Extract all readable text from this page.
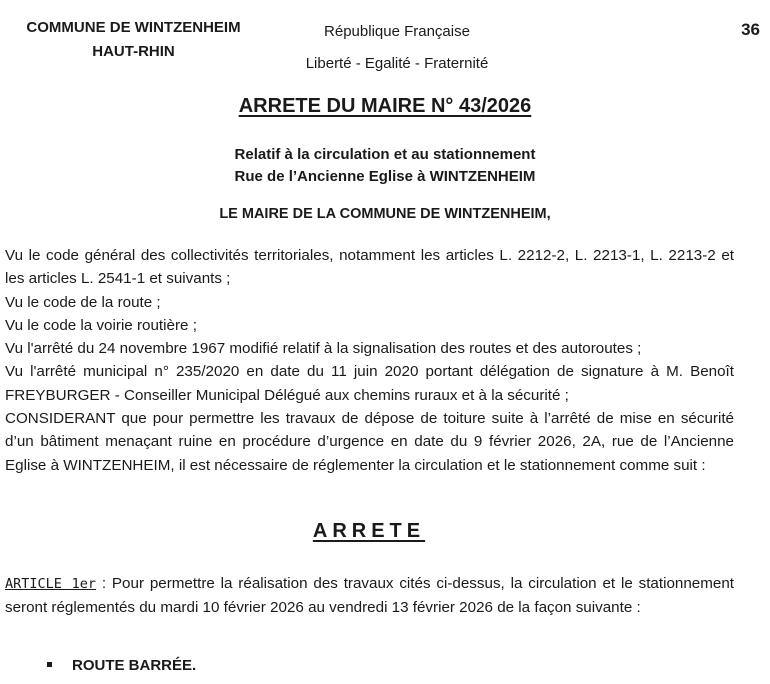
COMMUNE DE WINTZENHEIM
HAUT-RHIN
République Française
Liberté - Egalité - Fraternité
36
ARRETE DU MAIRE N° 43/2026
Relatif à la circulation et au stationnement
Rue de l’Ancienne Eglise à WINTZENHEIM
LE MAIRE DE LA COMMUNE DE WINTZENHEIM,

Vu le code général des collectivités territoriales, notamment les articles L. 2212-2, L. 2213-1, L. 2213-2 et les articles L. 2541-1 et suivants ;

Vu le code de la route ;

Vu le code la voirie routière ;

Vu l'arrêté du 24 novembre 1967 modifié relatif à la signalisation des routes et des autoroutes ;

Vu l'arrêté municipal n° 235/2020 en date du 11 juin 2020 portant délégation de signature à M. Benoît FREYBURGER - Conseiller Municipal Délégué aux chemins ruraux et à la sécurité ;

CONSIDERANT que pour permettre les travaux de dépose de toiture suite à l’arrêté de mise en sécurité d’un bâtiment menaçant ruine en procédure d’urgence en date du 9 février 2026, 2A, rue de l’Ancienne Eglise à WINTZENHEIM, il est nécessaire de réglementer la circulation et le stationnement comme suit :

ARRETE
ARTICLE 1er : Pour permettre la réalisation des travaux cités ci-dessus, la circulation et le stationnement seront réglementés du mardi 10 février 2026 au vendredi 13 février 2026 de la façon suivante :
ROUTE BARRÉE.
